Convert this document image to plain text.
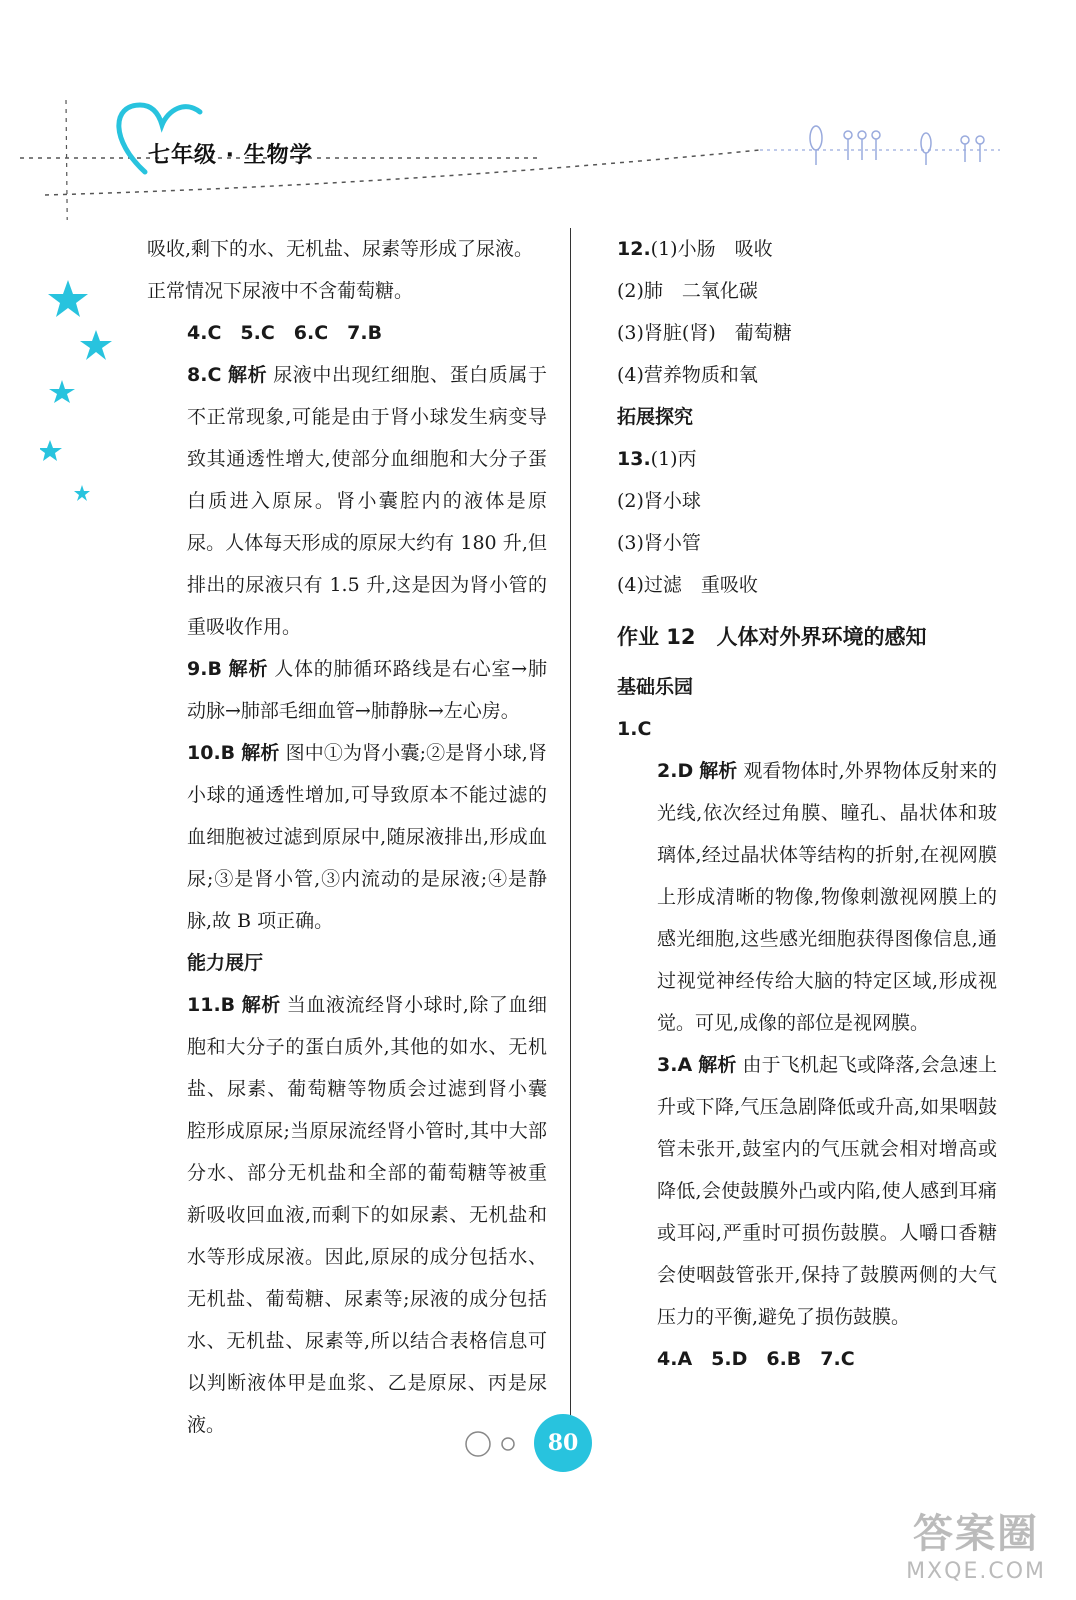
七年级 · 生物学

吸收,剩下的水、无机盐、尿素等形成了尿液。

正常情况下尿液中不含葡萄糖。

4.C　5.C　6.C　7.B

8.C 解析 尿液中出现红细胞、蛋白质属于不正常现象,可能是由于肾小球发生病变导致其通透性增大,使部分血细胞和大分子蛋白质进入原尿。肾小囊腔内的液体是原尿。人体每天形成的原尿大约有 180 升,但排出的尿液只有 1.5 升,这是因为肾小管的重吸收作用。

9.B 解析 人体的肺循环路线是右心室→肺动脉→肺部毛细血管→肺静脉→左心房。

10.B 解析 图中①为肾小囊;②是肾小球,肾小球的通透性增加,可导致原本不能过滤的血细胞被过滤到原尿中,随尿液排出,形成血尿;③是肾小管,③内流动的是尿液;④是静脉,故 B 项正确。

能力展厅

11.B 解析 当血液流经肾小球时,除了血细胞和大分子的蛋白质外,其他的如水、无机盐、尿素、葡萄糖等物质会过滤到肾小囊腔形成原尿;当原尿流经肾小管时,其中大部分水、部分无机盐和全部的葡萄糖等被重新吸收回血液,而剩下的如尿素、无机盐和水等形成尿液。因此,原尿的成分包括水、无机盐、葡萄糖、尿素等;尿液的成分包括水、无机盐、尿素等,所以结合表格信息可以判断液体甲是血浆、乙是原尿、丙是尿液。

12.(1)小肠　吸收

(2)肺　二氧化碳

(3)肾脏(肾)　葡萄糖

(4)营养物质和氧

拓展探究

13.(1)丙

(2)肾小球

(3)肾小管

(4)过滤　重吸收

作业 12　人体对外界环境的感知

基础乐园

1.C

2.D 解析 观看物体时,外界物体反射来的光线,依次经过角膜、瞳孔、晶状体和玻璃体,经过晶状体等结构的折射,在视网膜上形成清晰的物像,物像刺激视网膜上的感光细胞,这些感光细胞获得图像信息,通过视觉神经传给大脑的特定区域,形成视觉。可见,成像的部位是视网膜。

3.A 解析 由于飞机起飞或降落,会急速上升或下降,气压急剧降低或升高,如果咽鼓管未张开,鼓室内的气压就会相对增高或降低,会使鼓膜外凸或内陷,使人感到耳痛或耳闷,严重时可损伤鼓膜。人嚼口香糖会使咽鼓管张开,保持了鼓膜两侧的大气压力的平衡,避免了损伤鼓膜。

4.A　5.D　6.B　7.C

80
答案圈
MXQE.COM
